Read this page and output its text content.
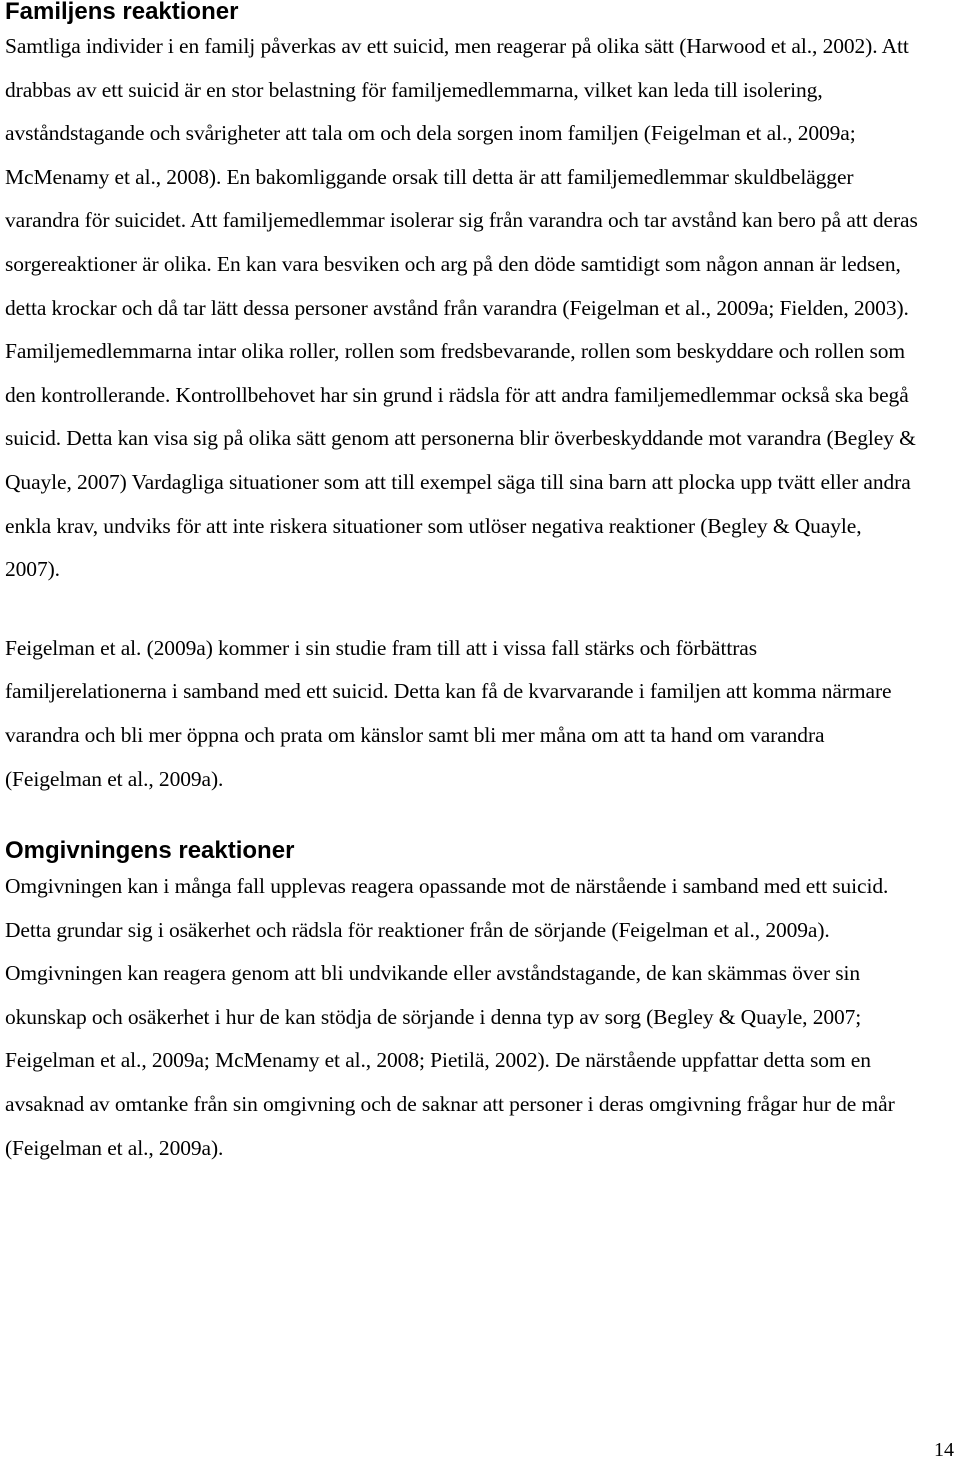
Familjens reaktioner

Samtliga individer i en familj påverkas av ett suicid, men reagerar på olika sätt (Harwood et al., 2002). Att drabbas av ett suicid är en stor belastning för familjemedlemmarna, vilket kan leda till isolering, avståndstagande och svårigheter att tala om och dela sorgen inom familjen (Feigelman et al., 2009a; McMenamy et al., 2008). En bakomliggande orsak till detta är att familjemedlemmar skuldbelägger varandra för suicidet. Att familjemedlemmar isolerar sig från varandra och tar avstånd kan bero på att deras sorgereaktioner är olika. En kan vara besviken och arg på den döde samtidigt som någon annan är ledsen, detta krockar och då tar lätt dessa personer avstånd från varandra (Feigelman et al., 2009a; Fielden, 2003). Familjemedlemmarna intar olika roller, rollen som fredsbevarande, rollen som beskyddare och rollen som den kontrollerande. Kontrollbehovet har sin grund i rädsla för att andra familjemedlemmar också ska begå suicid. Detta kan visa sig på olika sätt genom att personerna blir överbeskyddande mot varandra (Begley & Quayle, 2007) Vardagliga situationer som att till exempel säga till sina barn att plocka upp tvätt eller andra enkla krav, undviks för att inte riskera situationer som utlöser negativa reaktioner (Begley & Quayle, 2007).

Feigelman et al. (2009a) kommer i sin studie fram till att i vissa fall stärks och förbättras familjerelationerna i samband med ett suicid. Detta kan få de kvarvarande i familjen att komma närmare varandra och bli mer öppna och prata om känslor samt bli mer måna om att ta hand om varandra (Feigelman et al., 2009a).

Omgivningens reaktioner

Omgivningen kan i många fall upplevas reagera opassande mot de närstående i samband med ett suicid. Detta grundar sig i osäkerhet och rädsla för reaktioner från de sörjande (Feigelman et al., 2009a). Omgivningen kan reagera genom att bli undvikande eller avståndstagande, de kan skämmas över sin okunskap och osäkerhet i hur de kan stödja de sörjande i denna typ av sorg (Begley & Quayle, 2007; Feigelman et al., 2009a; McMenamy et al., 2008; Pietilä, 2002). De närstående uppfattar detta som en avsaknad av omtanke från sin omgivning och de saknar att personer i deras omgivning frågar hur de mår (Feigelman et al., 2009a).

14
